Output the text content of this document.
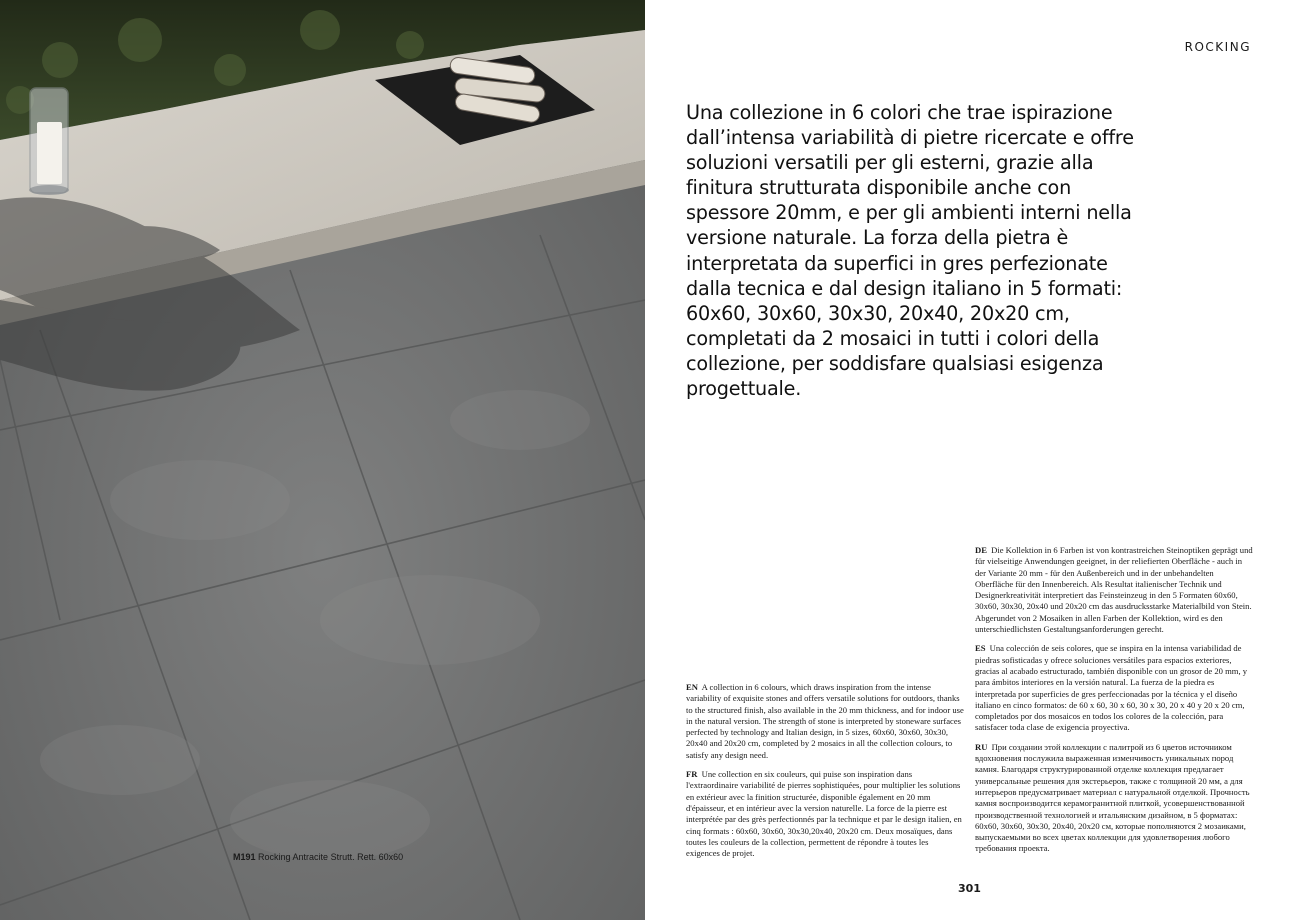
M191 Rocking Antracite Strutt. Rett. 60x60
ROCKING

Una collezione in 6 colori che trae ispirazione dall’intensa variabilità di pietre ricercate e offre soluzioni versatili per gli esterni, grazie alla finitura strutturata disponibile anche con spessore 20mm, e per gli ambienti interni nella versione naturale. La forza della pietra è interpretata da superfici in gres perfezionate dalla tecnica e dal design italiano in 5 formati: 60x60, 30x60, 30x30, 20x40, 20x20 cm, completati da 2 mosaici in tutti i colori della collezione, per soddisfare qualsiasi esigenza progettuale.

EN A collection in 6 colours, which draws inspiration from the intense variability of exquisite stones and offers versatile solutions for outdoors, thanks to the structured finish, also available in the 20 mm thickness, and for indoor use in the natural version. The strength of stone is interpreted by stoneware surfaces perfected by technology and Italian design, in 5 sizes, 60x60, 30x60, 30x30, 20x40 and 20x20 cm, completed by 2 mosaics in all the collection colours, to satisfy any design need.

FR Une collection en six couleurs, qui puise son inspiration dans l'extraordinaire variabilité de pierres sophistiquées, pour multiplier les solutions en extérieur avec la finition structurée, disponible également en 20 mm d'épaisseur, et en intérieur avec la version naturelle. La force de la pierre est interprétée par des grès perfectionnés par la technique et par le design italien, en cinq formats : 60x60, 30x60, 30x30,20x40, 20x20 cm. Deux mosaïques, dans toutes les couleurs de la collection, permettent de répondre à toutes les exigences de projet.

DE Die Kollektion in 6 Farben ist von kontrastreichen Steinoptiken geprägt und für vielseitige Anwendungen geeignet, in der reliefierten Oberfläche - auch in der Variante 20 mm - für den Außenbereich und in der unbehandelten Oberfläche für den Innenbereich. Als Resultat italienischer Technik und Designerkreativität interpretiert das Feinsteinzeug in den 5 Formaten 60x60, 30x60, 30x30, 20x40 und 20x20 cm das ausdrucksstarke Materialbild von Stein. Abgerundet von 2 Mosaiken in allen Farben der Kollektion, wird es den unterschiedlichsten Gestaltungsanforderungen gerecht.

ES Una colección de seis colores, que se inspira en la intensa variabilidad de piedras sofisticadas y ofrece soluciones versátiles para espacios exteriores, gracias al acabado estructurado, también disponible con un grosor de 20 mm, y para ámbitos interiores en la versión natural. La fuerza de la piedra es interpretada por superficies de gres perfeccionadas por la técnica y el diseño italiano en cinco formatos: de 60 x 60, 30 x 60, 30 x 30, 20 x 40 y 20 x 20 cm, completados por dos mosaicos en todos los colores de la colección, para satisfacer toda clase de exigencia proyectiva.

RU При создании этой коллекции с палитрой из 6 цветов источником вдохновения послужила выраженная изменчивость уникальных пород камня. Благодаря структурированной отделке коллекция предлагает универсальные решения для экстерьеров, также с толщиной 20 мм, а для интерьеров предусматривает материал с натуральной отделкой. Прочность камня воспроизводится керамогранитной плиткой, усовершенствованной производственной технологией и итальянским дизайном, в 5 форматах: 60x60, 30x60, 30x30, 20x40, 20x20 см, которые пополняются 2 мозаиками, выпускаемыми во всех цветах коллекции для удовлетворения любого требования проекта.

301
